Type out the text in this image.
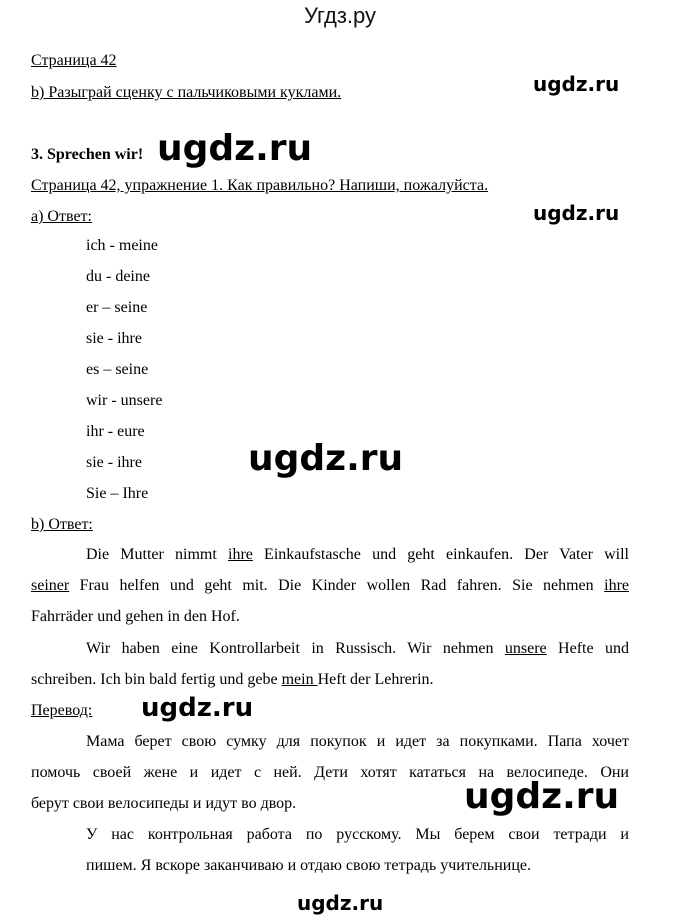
Угдз.ру
Страница 42
b) Разыграй сценку с пальчиковыми куклами.
3. Sprechen wir!
Страница 42, упражнение 1. Как правильно? Напиши, пожалуйста.
a) Ответ:
ich - meine
du - deine
er – seine
sie - ihre
es – seine
wir - unsere
ihr - eure
sie - ihre
Sie – Ihre
b) Ответ:
Die Mutter nimmt ihre Einkaufstasche und geht einkaufen. Der Vater will
seiner Frau helfen und geht mit. Die Kinder wollen Rad fahren. Sie nehmen ihre
Fahrräder und gehen in den Hof.
Wir haben eine Kontrollarbeit in Russisch. Wir nehmen unsere Hefte und
schreiben. Ich bin bald fertig und gebe mein Heft der Lehrerin.
Перевод:
Мама берет свою сумку для покупок и идет за покупками. Папа хочет
помочь своей жене и идет с ней. Дети хотят кататься на велосипеде. Они
берут свои велосипеды и идут во двор.
У нас контрольная работа по русскому. Мы берем свои тетради и
пишем. Я вскоре заканчиваю и отдаю свою тетрадь учительнице.
ugdz.ru
ugdz.ru
ugdz.ru
ugdz.ru
ugdz.ru
ugdz.ru
ugdz.ru
